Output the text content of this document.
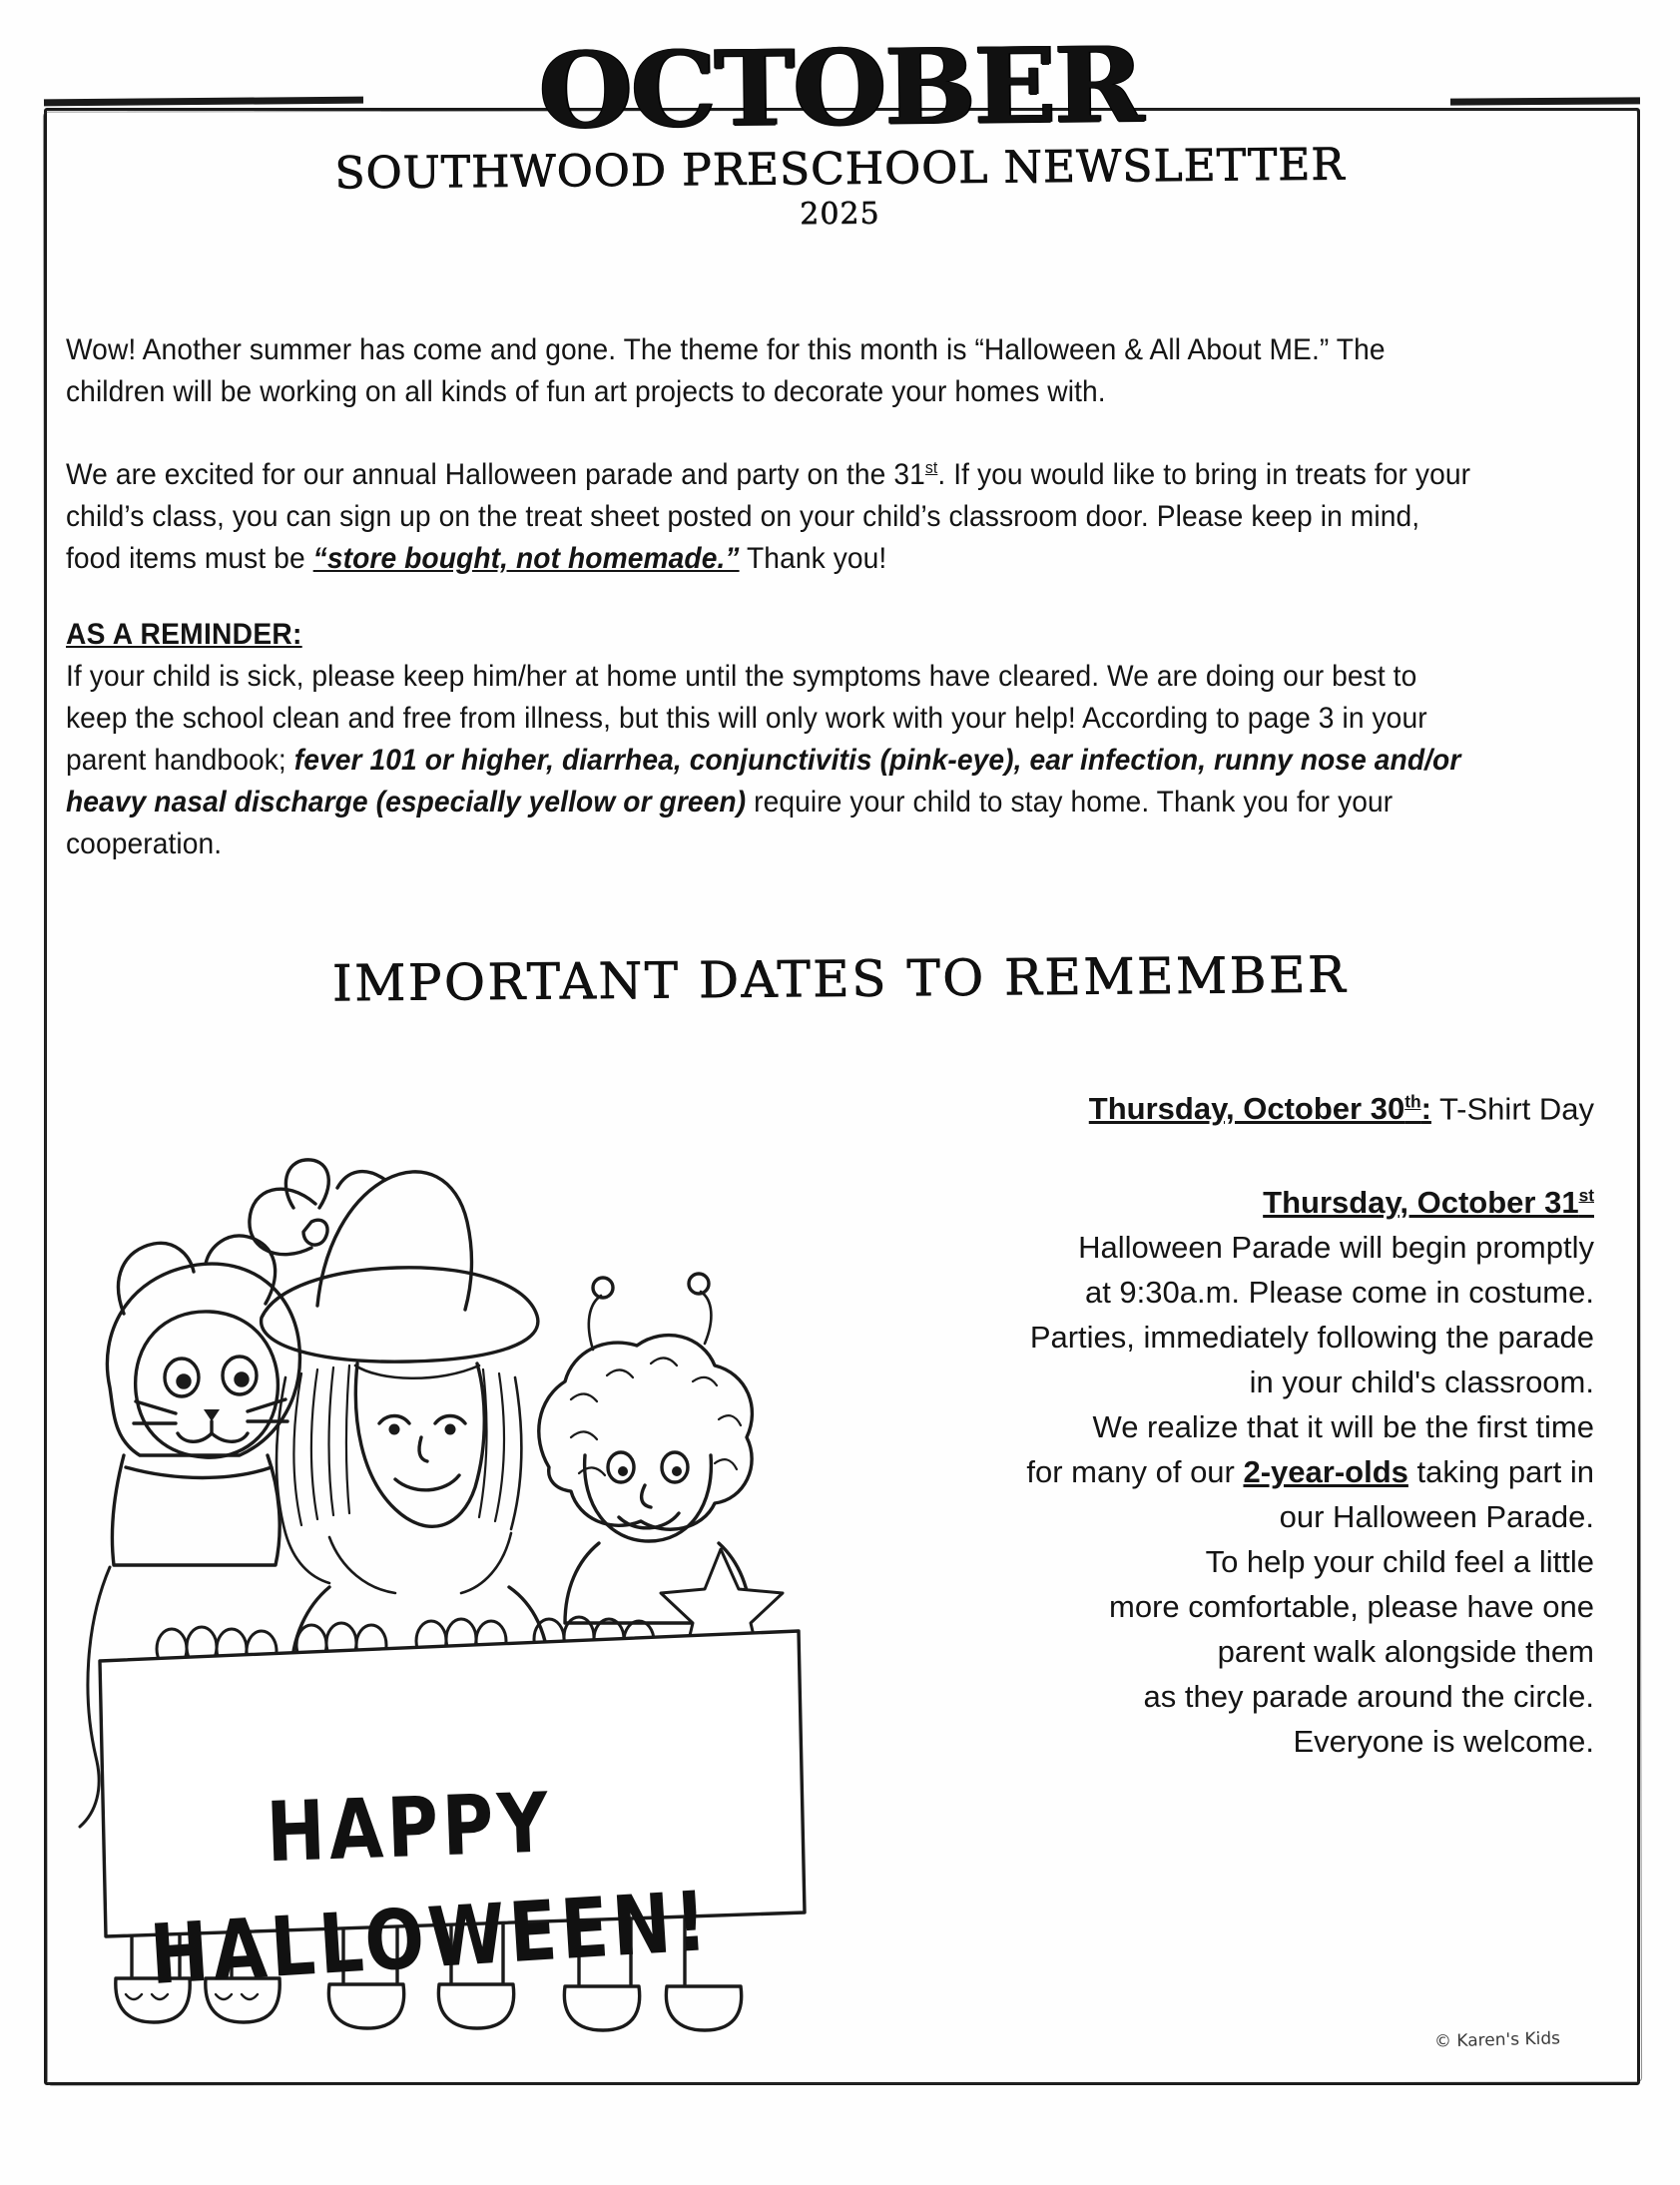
OCTOBER
SOUTHWOOD PRESCHOOL NEWSLETTER
2025

Wow! Another summer has come and gone. The theme for this month is “Halloween & All About ME.” The children will be working on all kinds of fun art projects to decorate your homes with.

We are excited for our annual Halloween parade and party on the 31st. If you would like to bring in treats for your child’s class, you can sign up on the treat sheet posted on your child’s classroom door. Please keep in mind, food items must be “store bought, not homemade.” Thank you!

AS A REMINDER:
If your child is sick, please keep him/her at home until the symptoms have cleared. We are doing our best to keep the school clean and free from illness, but this will only work with your help! According to page 3 in your parent handbook; fever 101 or higher, diarrhea, conjunctivitis (pink-eye), ear infection, runny nose and/or heavy nasal discharge (especially yellow or green) require your child to stay home. Thank you for your cooperation.

IMPORTANT DATES TO REMEMBER
Thursday, October 30th: T-Shirt Day
Thursday, October 31st
Halloween Parade will begin promptly
at 9:30a.m. Please come in costume.
Parties, immediately following the parade
in your child's classroom.
We realize that it will be the first time
for many of our 2-year-olds taking part in
our Halloween Parade.
To help your child feel a little
more comfortable, please have one
parent walk alongside them
as they parade around the circle.
Everyone is welcome.
HAPPY
HALLOWEEN!
© Karen's Kids
